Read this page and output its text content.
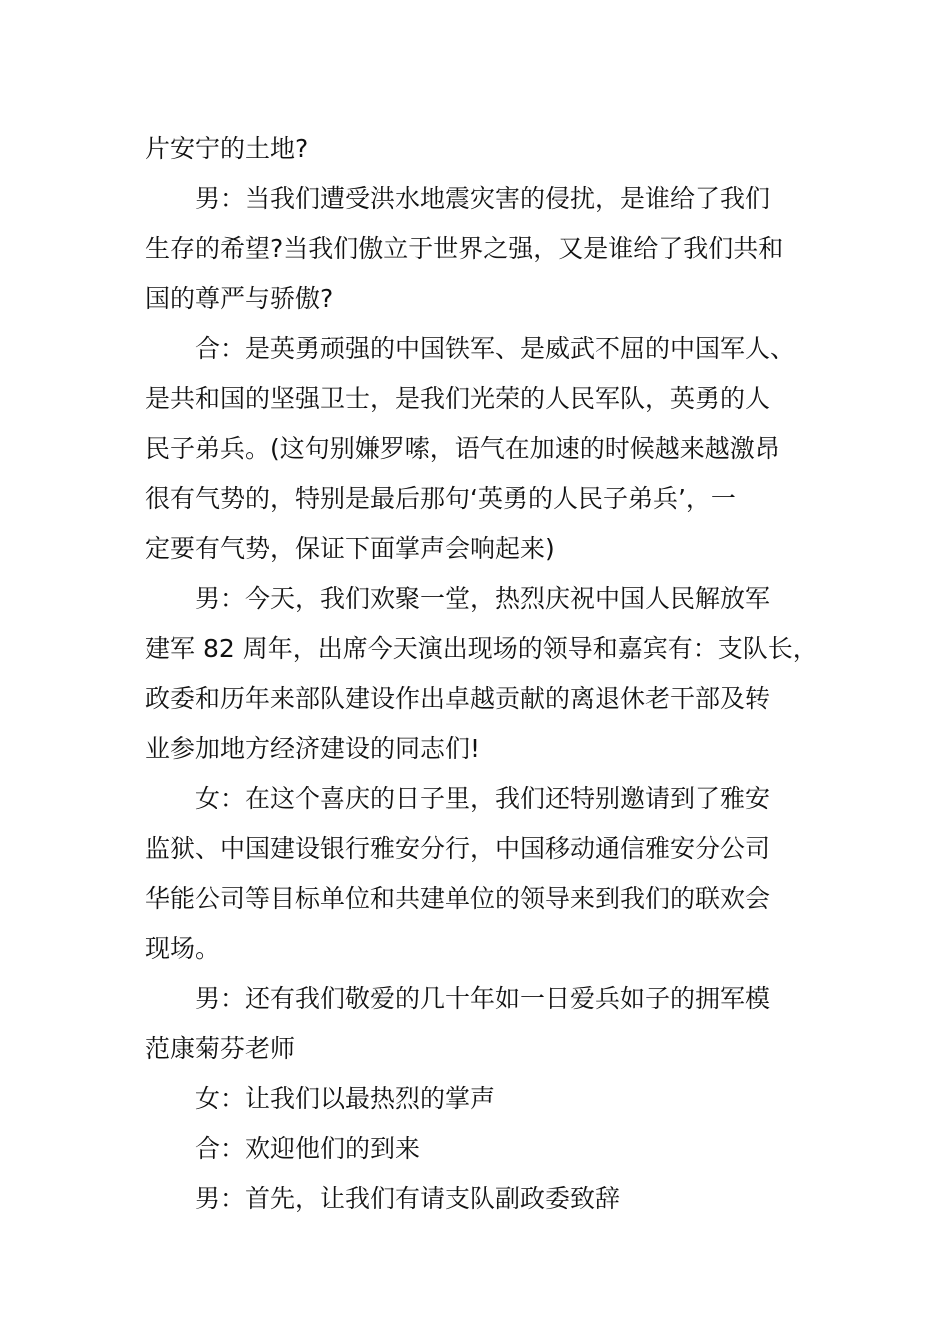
片安宁的土地?
男：当我们遭受洪水地震灾害的侵扰，是谁给了我们
生存的希望?当我们傲立于世界之强，又是谁给了我们共和
国的尊严与骄傲?
合：是英勇顽强的中国铁军、是威武不屈的中国军人、
是共和国的坚强卫士，是我们光荣的人民军队，英勇的人
民子弟兵。(这句别嫌罗嗦，语气在加速的时候越来越激昂
很有气势的，特别是最后那句‘英勇的人民子弟兵’，一
定要有气势，保证下面掌声会响起来)
男：今天，我们欢聚一堂，热烈庆祝中国人民解放军
建军 82 周年，出席今天演出现场的领导和嘉宾有：支队长，
政委和历年来部队建设作出卓越贡献的离退休老干部及转
业参加地方经济建设的同志们!
女：在这个喜庆的日子里，我们还特别邀请到了雅安
监狱、中国建设银行雅安分行，中国移动通信雅安分公司
华能公司等目标单位和共建单位的领导来到我们的联欢会
现场。
男：还有我们敬爱的几十年如一日爱兵如子的拥军模
范康菊芬老师
女：让我们以最热烈的掌声
合：欢迎他们的到来
男：首先，让我们有请支队副政委致辞
